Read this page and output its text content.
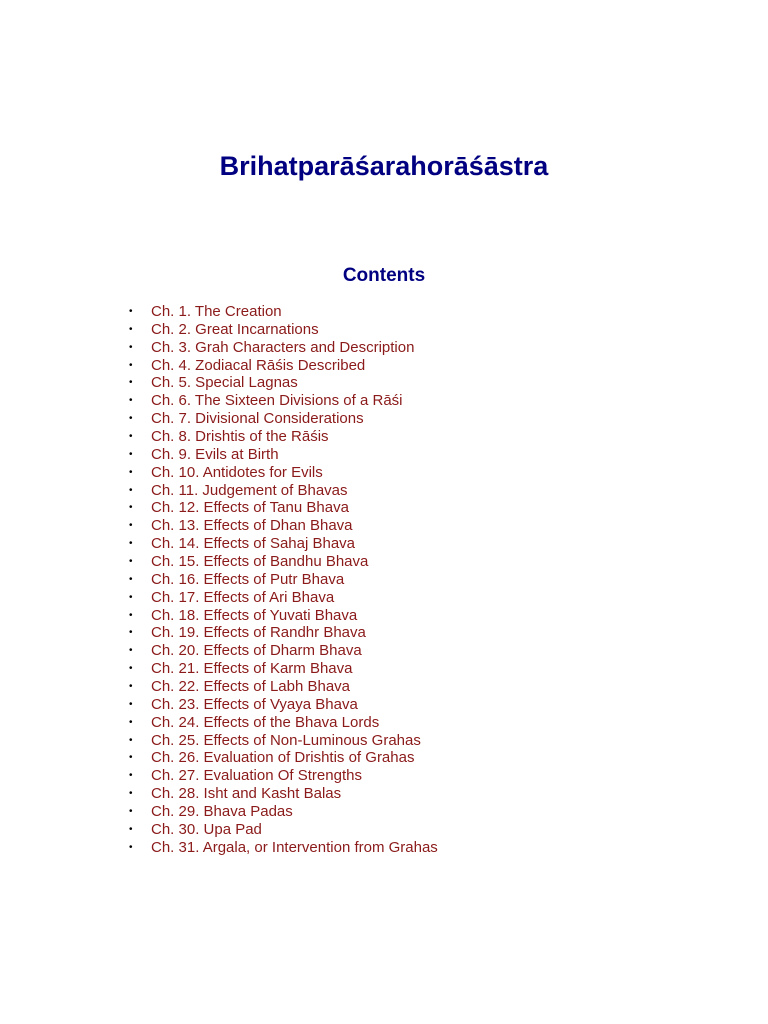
Brihatparāśarahorāśāstra
Contents
• Ch. 1. The Creation
• Ch. 2. Great Incarnations
• Ch. 3. Grah Characters and Description
• Ch. 4. Zodiacal Rāśis Described
• Ch. 5. Special Lagnas
• Ch. 6. The Sixteen Divisions of a Rāśi
• Ch. 7. Divisional Considerations
• Ch. 8. Drishtis of the Rāśis
• Ch. 9. Evils at Birth
• Ch. 10. Antidotes for Evils
• Ch. 11. Judgement of Bhavas
• Ch. 12. Effects of Tanu Bhava
• Ch. 13. Effects of Dhan Bhava
• Ch. 14. Effects of Sahaj Bhava
• Ch. 15. Effects of Bandhu Bhava
• Ch. 16. Effects of Putr Bhava
• Ch. 17. Effects of Ari Bhava
• Ch. 18. Effects of Yuvati Bhava
• Ch. 19. Effects of Randhr Bhava
• Ch. 20. Effects of Dharm Bhava
• Ch. 21. Effects of Karm Bhava
• Ch. 22. Effects of Labh Bhava
• Ch. 23. Effects of Vyaya Bhava
• Ch. 24. Effects of the Bhava Lords
• Ch. 25. Effects of Non-Luminous Grahas
• Ch. 26. Evaluation of Drishtis of Grahas
• Ch. 27. Evaluation Of Strengths
• Ch. 28. Isht and Kasht Balas
• Ch. 29. Bhava Padas
• Ch. 30. Upa Pad
• Ch. 31. Argala, or Intervention from Grahas
